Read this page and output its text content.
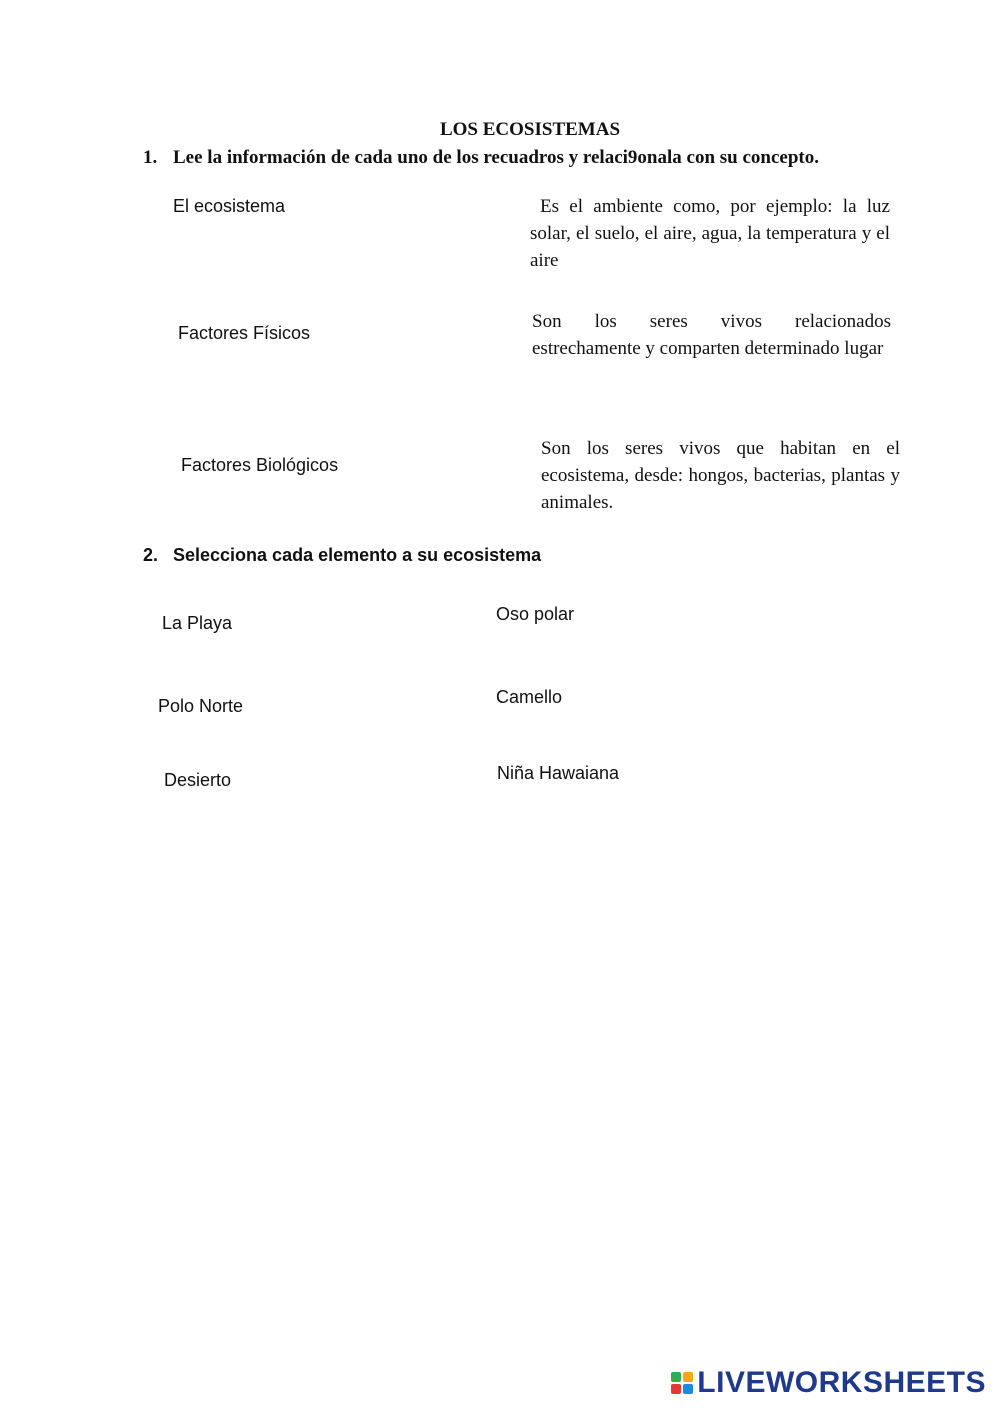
LOS ECOSISTEMAS
1. Lee la información de cada uno de los recuadros y relaci9onala con su concepto.
El ecosistema
Factores Físicos
Factores Biológicos
Es el ambiente como, por ejemplo: la luz solar, el suelo, el aire, agua, la temperatura y el aire
Son los seres vivos relacionados estrechamente y comparten determinado lugar
Son los seres vivos que habitan en el ecosistema, desde: hongos, bacterias, plantas y animales.
2. Selecciona cada elemento a su ecosistema
La Playa
Polo Norte
Desierto
Oso polar
Camello
Niña Hawaiana
LIVEWORKSHEETS
